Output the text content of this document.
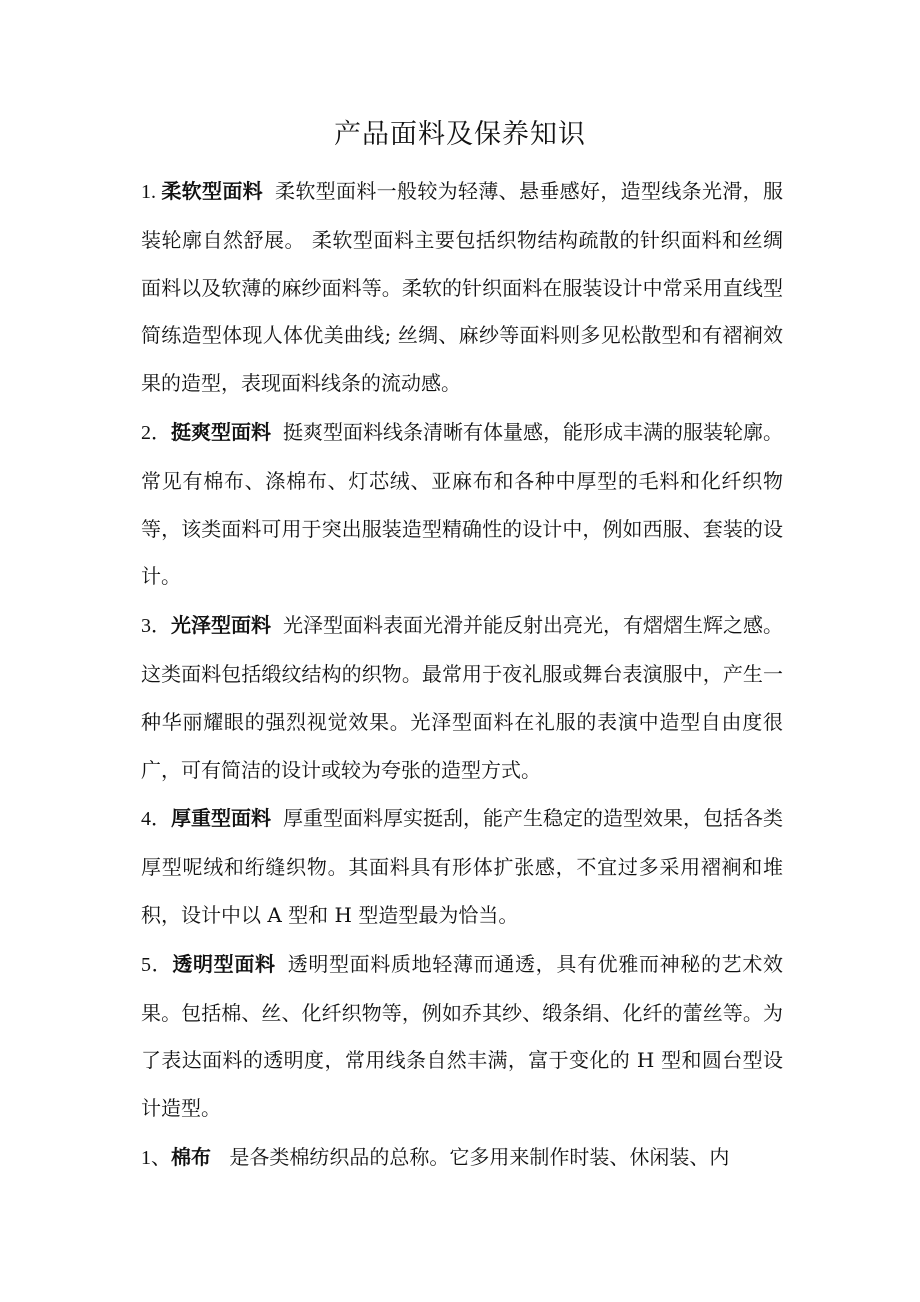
产品面料及保养知识

1. 柔软型面料 柔软型面料一般较为轻薄、悬垂感好，造型线条光滑，服装轮廓自然舒展。 柔软型面料主要包括织物结构疏散的针织面料和丝绸面料以及软薄的麻纱面料等。柔软的针织面料在服装设计中常采用直线型简练造型体现人体优美曲线; 丝绸、麻纱等面料则多见松散型和有褶裥效果的造型，表现面料线条的流动感。

2．挺爽型面料 挺爽型面料线条清晰有体量感，能形成丰满的服装轮廓。常见有棉布、涤棉布、灯芯绒、亚麻布和各种中厚型的毛料和化纤织物等，该类面料可用于突出服装造型精确性的设计中，例如西服、套装的设计。

3．光泽型面料 光泽型面料表面光滑并能反射出亮光，有熠熠生辉之感。这类面料包括缎纹结构的织物。最常用于夜礼服或舞台表演服中，产生一种华丽耀眼的强烈视觉效果。光泽型面料在礼服的表演中造型自由度很广，可有简洁的设计或较为夸张的造型方式。

4．厚重型面料 厚重型面料厚实挺刮，能产生稳定的造型效果，包括各类厚型呢绒和绗缝织物。其面料具有形体扩张感，不宜过多采用褶裥和堆积，设计中以 A 型和 H 型造型最为恰当。

5．透明型面料 透明型面料质地轻薄而通透，具有优雅而神秘的艺术效果。包括棉、丝、化纤织物等，例如乔其纱、缎条绢、化纤的蕾丝等。为了表达面料的透明度，常用线条自然丰满，富于变化的 H 型和圆台型设计造型。

1、棉布 是各类棉纺织品的总称。它多用来制作时装、休闲装、内
